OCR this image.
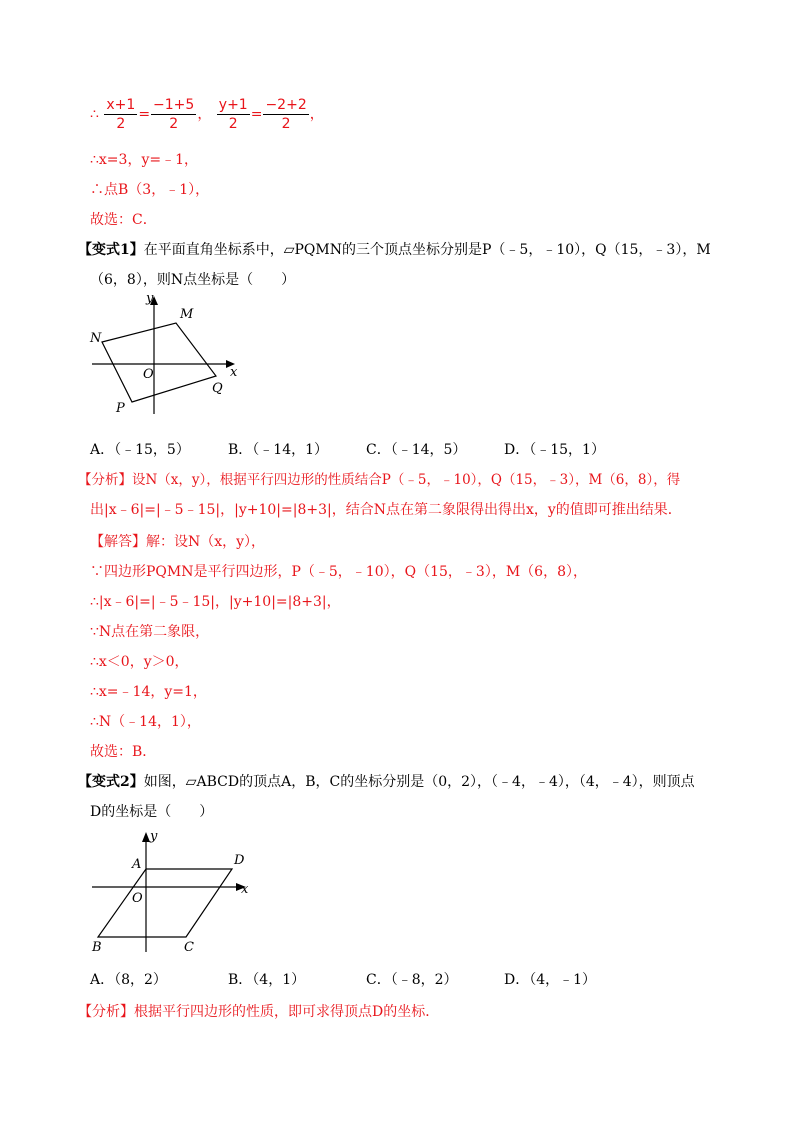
∴ $\frac{x+1}{2} = \frac{-1+5}{2}$ ， $\frac{y+1}{2} = \frac{-2+2}{2}$ ，
∴x=3，y=﹣1，
∴点B（3，﹣1），
故选：C．
【变式1】在平面直角坐标系中，▱PQMN的三个顶点坐标分别是P（﹣5，﹣10），Q（15，﹣3），M
（6，8），则N点坐标是（　　）
y
x
M
N
O
P
Q
A．（﹣15，5）	B．（﹣14，1）	C．（﹣14，5）	D．（﹣15，1）
【分析】设N（x，y），根据平行四边形的性质结合P（﹣5，﹣10），Q（15，﹣3），M（6，8），得
出|x﹣6|=|﹣5﹣15|，|y+10|=|8+3|，结合N点在第二象限得出得出x，y的值即可推出结果．
【解答】解：设N（x，y），
∵四边形PQMN是平行四边形，P（﹣5，﹣10），Q（15，﹣3），M（6，8），
∴|x﹣6|=|﹣5﹣15|，|y+10|=|8+3|，
∵N点在第二象限，
∴x＜0，y＞0，
∴x=﹣14，y=1，
∴N（﹣14，1），
故选：B．
【变式2】如图，▱ABCD的顶点A，B，C的坐标分别是（0，2），（﹣4，﹣4），（4，﹣4），则顶点
D的坐标是（　　）
y
x
A	D
O
B	C
A．（8，2）	B．（4，1）	C．（﹣8，2）	D．（4，﹣1）
【分析】根据平行四边形的性质，即可求得顶点D的坐标．
